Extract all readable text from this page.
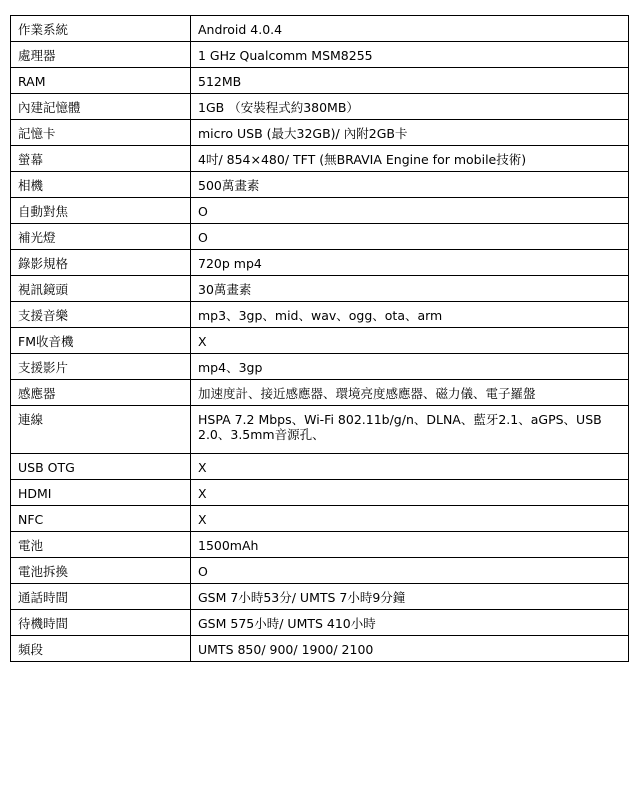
作業系統	Android 4.0.4
處理器	1 GHz Qualcomm MSM8255
RAM	512MB
內建記憶體	1GB （安裝程式約380MB）
記憶卡	micro USB (最大32GB)/ 內附2GB卡
螢幕	4吋/ 854×480/ TFT (無BRAVIA Engine for mobile技術)
相機	500萬畫素
自動對焦	O
補光燈	O
錄影規格	720p mp4
視訊鏡頭	30萬畫素
支援音樂	mp3、3gp、mid、wav、ogg、ota、arm
FM收音機	X
支援影片	mp4、3gp
感應器	加速度計、接近感應器、環境亮度感應器、磁力儀、電子羅盤
連線	HSPA 7.2 Mbps、Wi-Fi 802.11b/g/n、DLNA、藍牙2.1、aGPS、USB 2.0、3.5mm音源孔、
USB OTG	X
HDMI	X
NFC	X
電池	1500mAh
電池拆換	O
通話時間	GSM 7小時53分/ UMTS 7小時9分鐘
待機時間	GSM 575小時/ UMTS 410小時
頻段	UMTS 850/ 900/ 1900/ 2100
